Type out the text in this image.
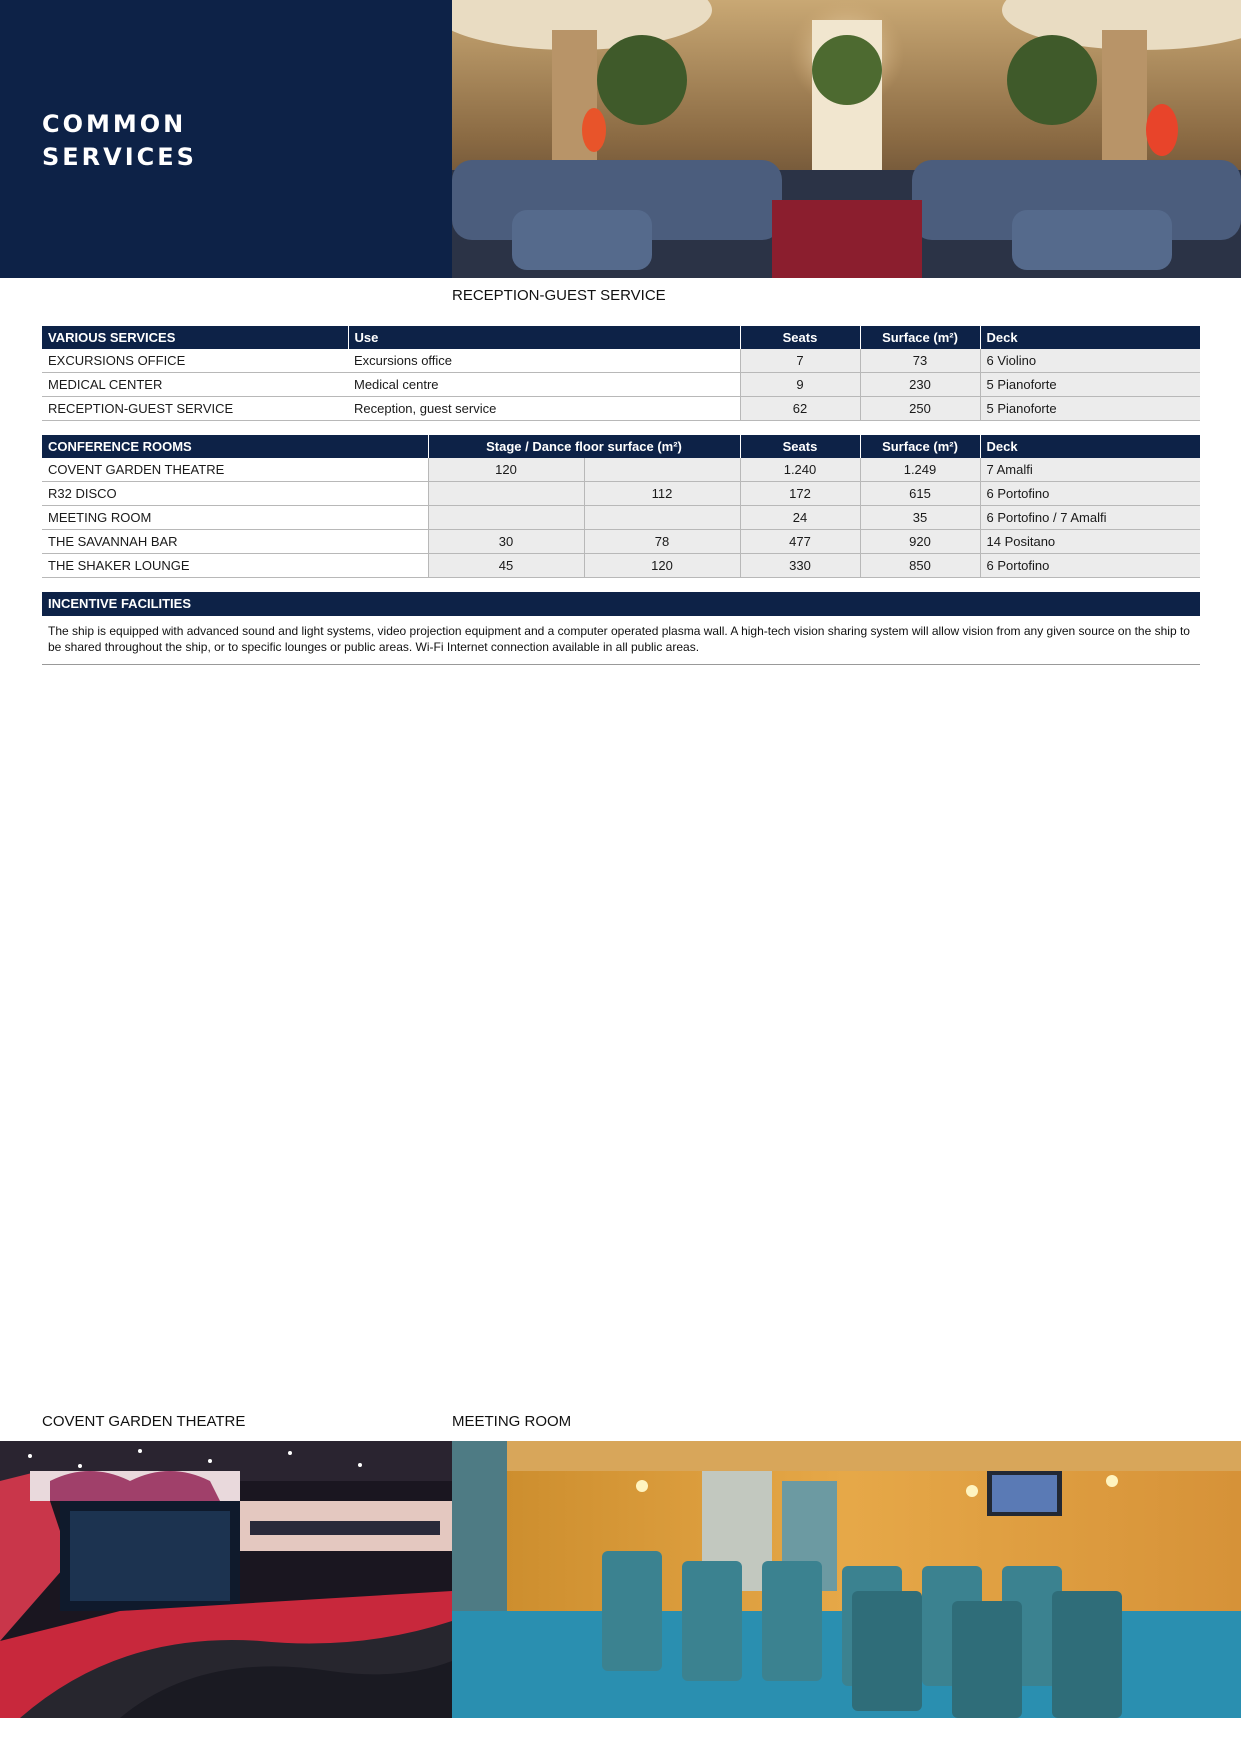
COMMON
SERVICES
RECEPTION-GUEST SERVICE
VARIOUS SERVICES	Use	Seats	Surface (m²)	Deck
EXCURSIONS OFFICE	Excursions office	7	73	6 Violino
MEDICAL CENTER	Medical centre	9	230	5 Pianoforte
RECEPTION-GUEST SERVICE	Reception, guest service	62	250	5 Pianoforte
CONFERENCE ROOMS	Stage / Dance floor surface (m²)		Seats	Surface (m²)	Deck
COVENT GARDEN THEATRE	120		1.240	1.249	7 Amalfi
R32 DISCO		112	172	615	6 Portofino
MEETING ROOM			24	35	6 Portofino / 7 Amalfi
THE SAVANNAH BAR	30	78	477	920	14 Positano
THE SHAKER LOUNGE	45	120	330	850	6 Portofino
INCENTIVE FACILITIES
The ship is equipped with advanced sound and light systems, video projection equipment and a computer operated plasma wall. A high-tech vision sharing system will allow vision from any given source on the ship to be shared throughout the ship, or to specific lounges or public areas. Wi-Fi Internet connection available in all public areas.
COVENT GARDEN THEATRE	MEETING ROOM
